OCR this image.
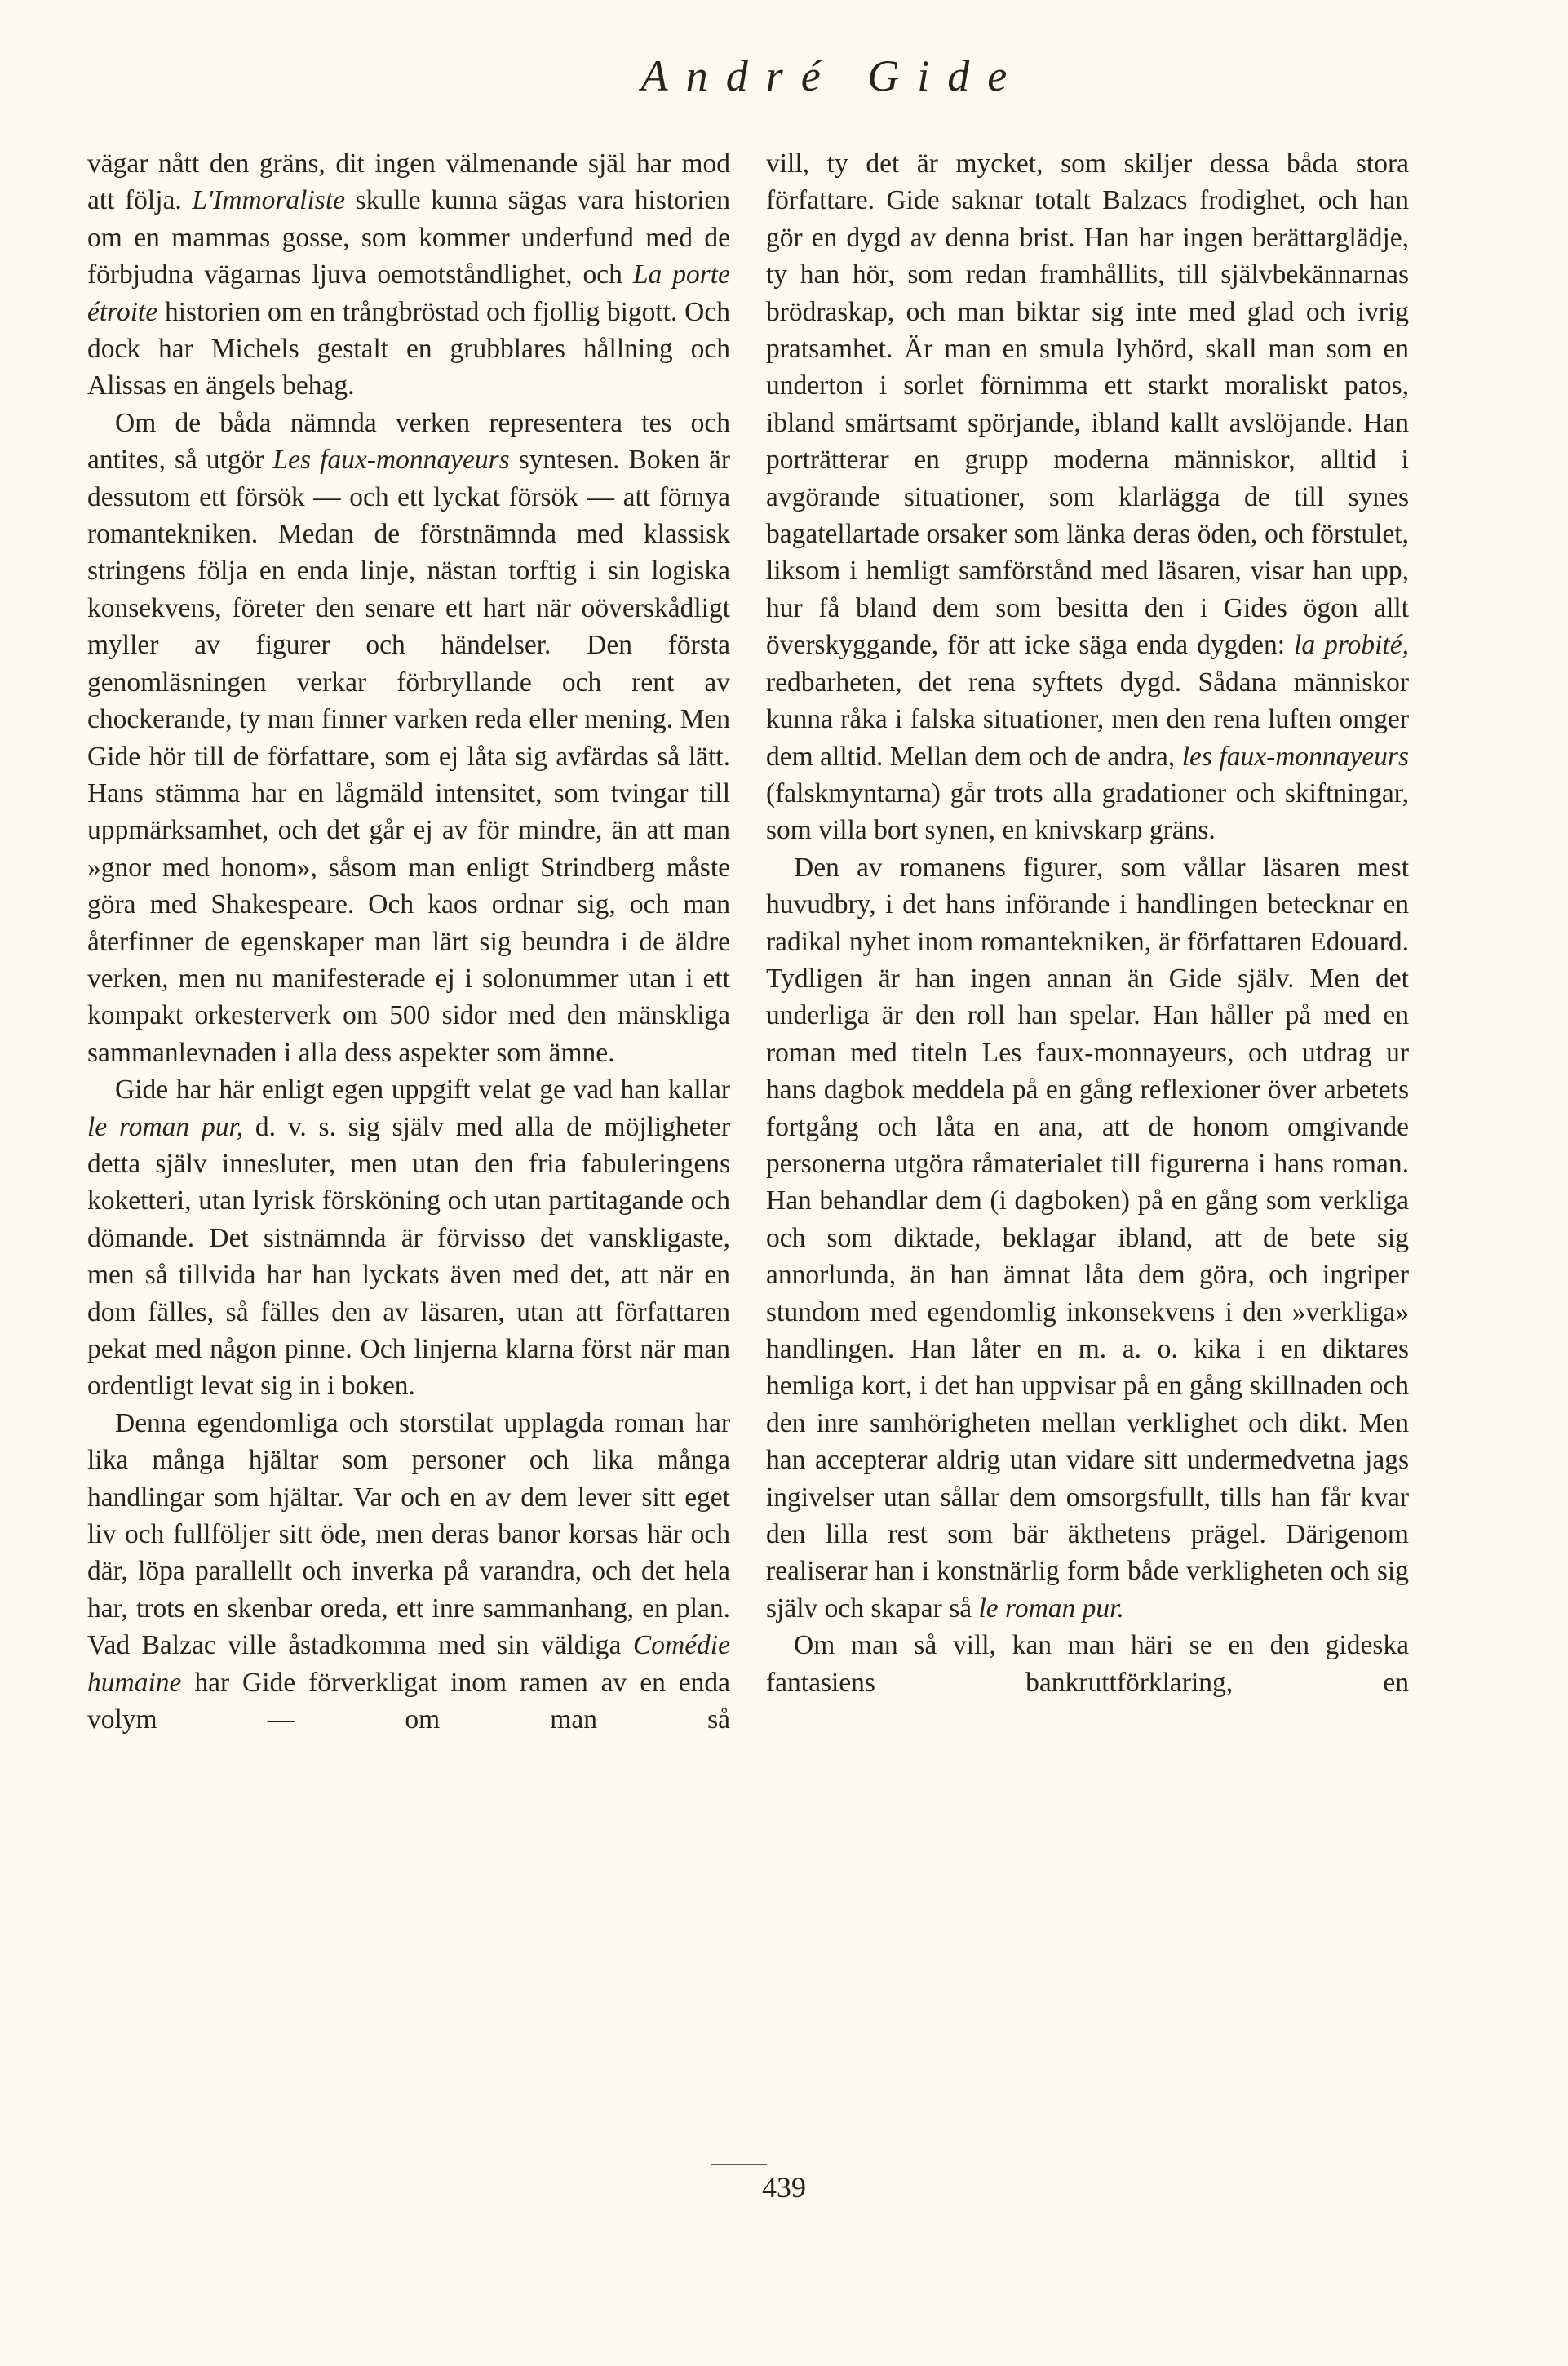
André Gide

vägar nått den gräns, dit ingen välmenande själ har mod att följa. L'Immoraliste skulle kunna sägas vara historien om en mammas gosse, som kommer underfund med de förbjudna vägarnas ljuva oemotståndlighet, och La porte étroite historien om en trångbröstad och fjollig bigott. Och dock har Michels gestalt en grubblares hållning och Alissas en ängels behag.

Om de båda nämnda verken representera tes och antites, så utgör Les faux-monnayeurs syntesen. Boken är dessutom ett försök — och ett lyckat försök — att förnya romantekniken. Medan de förstnämnda med klassisk stringens följa en enda linje, nästan torftig i sin logiska konsekvens, företer den senare ett hart när oöverskådligt myller av figurer och händelser. Den första genomläsningen verkar förbryllande och rent av chockerande, ty man finner varken reda eller mening. Men Gide hör till de författare, som ej låta sig avfärdas så lätt. Hans stämma har en lågmäld intensitet, som tvingar till uppmärksamhet, och det går ej av för mindre, än att man »gnor med honom», såsom man enligt Strindberg måste göra med Shakespeare. Och kaos ordnar sig, och man återfinner de egenskaper man lärt sig beundra i de äldre verken, men nu manifesterade ej i solonummer utan i ett kompakt orkesterverk om 500 sidor med den mänskliga sammanlevnaden i alla dess aspekter som ämne.

Gide har här enligt egen uppgift velat ge vad han kallar le roman pur, d. v. s. sig själv med alla de möjligheter detta själv innesluter, men utan den fria fabuleringens koketteri, utan lyrisk försköning och utan partitagande och dömande. Det sistnämnda är förvisso det vanskligaste, men så tillvida har han lyckats även med det, att när en dom fälles, så fälles den av läsaren, utan att författaren pekat med någon pinne. Och linjerna klarna först när man ordentligt levat sig in i boken.

Denna egendomliga och storstilat upplagda roman har lika många hjältar som personer och lika många handlingar som hjältar. Var och en av dem lever sitt eget liv och fullföljer sitt öde, men deras banor korsas här och där, löpa parallellt och inverka på varandra, och det hela har, trots en skenbar oreda, ett inre sammanhang, en plan. Vad Balzac ville åstadkomma med sin väldiga Comédie humaine har Gide förverkligat inom ramen av en enda volym — om man så

vill, ty det är mycket, som skiljer dessa båda stora författare. Gide saknar totalt Balzacs frodighet, och han gör en dygd av denna brist. Han har ingen berättarglädje, ty han hör, som redan framhållits, till självbekännarnas brödraskap, och man biktar sig inte med glad och ivrig pratsamhet. Är man en smula lyhörd, skall man som en underton i sorlet förnimma ett starkt moraliskt patos, ibland smärtsamt spörjande, ibland kallt avslöjande. Han porträtterar en grupp moderna människor, alltid i avgörande situationer, som klarlägga de till synes bagatellartade orsaker som länka deras öden, och förstulet, liksom i hemligt samförstånd med läsaren, visar han upp, hur få bland dem som besitta den i Gides ögon allt överskyggande, för att icke säga enda dygden: la probité, redbarheten, det rena syftets dygd. Sådana människor kunna råka i falska situationer, men den rena luften omger dem alltid. Mellan dem och de andra, les faux-monnayeurs (falskmyntarna) går trots alla gradationer och skiftningar, som villa bort synen, en knivskarp gräns.

Den av romanens figurer, som vållar läsaren mest huvudbry, i det hans införande i handlingen betecknar en radikal nyhet inom romantekniken, är författaren Edouard. Tydligen är han ingen annan än Gide själv. Men det underliga är den roll han spelar. Han håller på med en roman med titeln Les faux-monnayeurs, och utdrag ur hans dagbok meddela på en gång reflexioner över arbetets fortgång och låta en ana, att de honom omgivande personerna utgöra råmaterialet till figurerna i hans roman. Han behandlar dem (i dagboken) på en gång som verkliga och som diktade, beklagar ibland, att de bete sig annorlunda, än han ämnat låta dem göra, och ingriper stundom med egendomlig inkonsekvens i den »verkliga» handlingen. Han låter en m. a. o. kika i en diktares hemliga kort, i det han uppvisar på en gång skillnaden och den inre samhörigheten mellan verklighet och dikt. Men han accepterar aldrig utan vidare sitt undermedvetna jags ingivelser utan sållar dem omsorgsfullt, tills han får kvar den lilla rest som bär äkthetens prägel. Därigenom realiserar han i konstnärlig form både verkligheten och sig själv och skapar så le roman pur.

Om man så vill, kan man häri se en den gideska fantasiens bankruttförklaring, en

439
